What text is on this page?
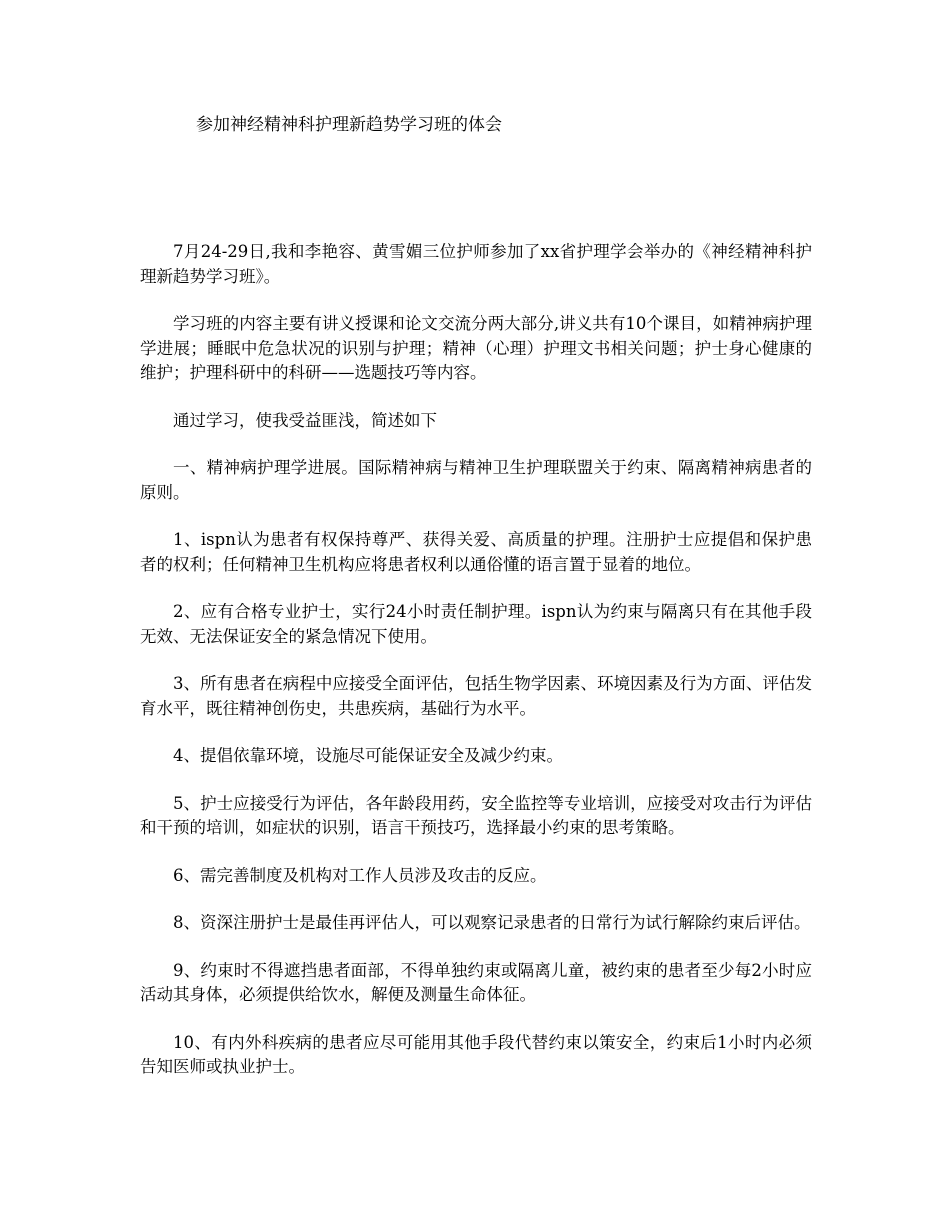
参加神经精神科护理新趋势学习班的体会

7月24-29日,我和李艳容、黄雪媚三位护师参加了xx省护理学会举办的《神经精神科护理新趋势学习班》。

学习班的内容主要有讲义授课和论文交流分两大部分,讲义共有10个课目，如精神病护理学进展；睡眠中危急状况的识别与护理；精神（心理）护理文书相关问题；护士身心健康的维护；护理科研中的科研——选题技巧等内容。

通过学习，使我受益匪浅，简述如下

一、精神病护理学进展。国际精神病与精神卫生护理联盟关于约束、隔离精神病患者的原则。

1、ispn认为患者有权保持尊严、获得关爱、高质量的护理。注册护士应提倡和保护患者的权利；任何精神卫生机构应将患者权利以通俗懂的语言置于显着的地位。

2、应有合格专业护士，实行24小时责任制护理。ispn认为约束与隔离只有在其他手段无效、无法保证安全的紧急情况下使用。

3、所有患者在病程中应接受全面评估，包括生物学因素、环境因素及行为方面、评估发育水平，既往精神创伤史，共患疾病，基础行为水平。

4、提倡依靠环境，设施尽可能保证安全及减少约束。

5、护士应接受行为评估，各年龄段用药，安全监控等专业培训，应接受对攻击行为评估和干预的培训，如症状的识别，语言干预技巧，选择最小约束的思考策略。

6、需完善制度及机构对工作人员涉及攻击的反应。

8、资深注册护士是最佳再评估人，可以观察记录患者的日常行为试行解除约束后评估。

9、约束时不得遮挡患者面部，不得单独约束或隔离儿童，被约束的患者至少每2小时应活动其身体，必须提供给饮水，解便及测量生命体征。

10、有内外科疾病的患者应尽可能用其他手段代替约束以策安全，约束后1小时内必须告知医师或执业护士。
